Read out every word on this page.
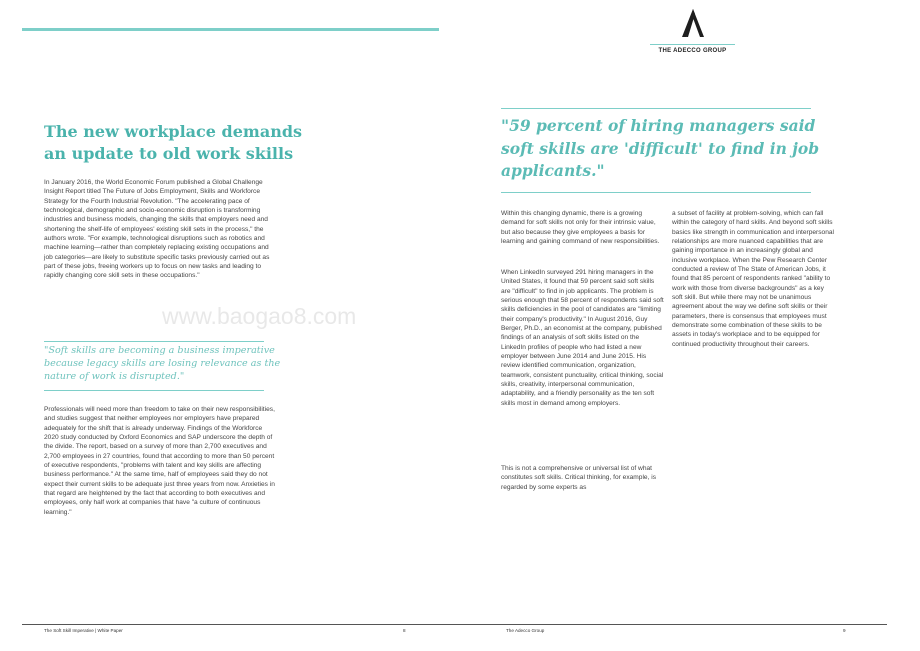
THE ADECCO GROUP
The new workplace demands an update to old work skills

In January 2016, the World Economic Forum published a Global Challenge Insight Report titled The Future of Jobs Employment, Skills and Workforce Strategy for the Fourth Industrial Revolution. "The accelerating pace of technological, demographic and socio-economic disruption is transforming industries and business models, changing the skills that employers need and shortening the shelf-life of employees' existing skill sets in the process," the authors wrote. "For example, technological disruptions such as robotics and machine learning—rather than completely replacing existing occupations and job categories—are likely to substitute specific tasks previously carried out as part of these jobs, freeing workers up to focus on new tasks and leading to rapidly changing core skill sets in these occupations."

"Soft skills are becoming a business imperative because legacy skills are losing relevance as the nature of work is disrupted."

Professionals will need more than freedom to take on their new responsibilities, and studies suggest that neither employees nor employers have prepared adequately for the shift that is already underway. Findings of the Workforce 2020 study conducted by Oxford Economics and SAP underscore the depth of the divide. The report, based on a survey of more than 2,700 executives and 2,700 employees in 27 countries, found that according to more than 50 percent of executive respondents, "problems with talent and key skills are affecting business performance." At the same time, half of employees said they do not expect their current skills to be adequate just three years from now. Anxieties in that regard are heightened by the fact that according to both executives and employees, only half work at companies that have "a culture of continuous learning."

"59 percent of hiring managers said soft skills are 'difficult' to find in job applicants."

Within this changing dynamic, there is a growing demand for soft skills not only for their intrinsic value, but also because they give employees a basis for learning and gaining command of new responsibilities.

When LinkedIn surveyed 291 hiring managers in the United States, it found that 59 percent said soft skills are "difficult" to find in job applicants. The problem is serious enough that 58 percent of respondents said soft skills deficiencies in the pool of candidates are "limiting their company's productivity." In August 2016, Guy Berger, Ph.D., an economist at the company, published findings of an analysis of soft skills listed on the LinkedIn profiles of people who had listed a new employer between June 2014 and June 2015. His review identified communication, organization, teamwork, consistent punctuality, critical thinking, social skills, creativity, interpersonal communication, adaptability, and a friendly personality as the ten soft skills most in demand among employers.

This is not a comprehensive or universal list of what constitutes soft skills. Critical thinking, for example, is regarded by some experts as

a subset of facility at problem-solving, which can fall within the category of hard skills. And beyond soft skills basics like strength in communication and interpersonal relationships are more nuanced capabilities that are gaining importance in an increasingly global and inclusive workplace. When the Pew Research Center conducted a review of The State of American Jobs, it found that 85 percent of respondents ranked "ability to work with those from diverse backgrounds" as a key soft skill. But while there may not be unanimous agreement about the way we define soft skills or their parameters, there is consensus that employees must demonstrate some combination of these skills to be assets in today's workplace and to be equipped for continued productivity throughout their careers.

www.baogao8.com
The Soft Skill Imperative | White Paper	8	The Adecco Group	9
